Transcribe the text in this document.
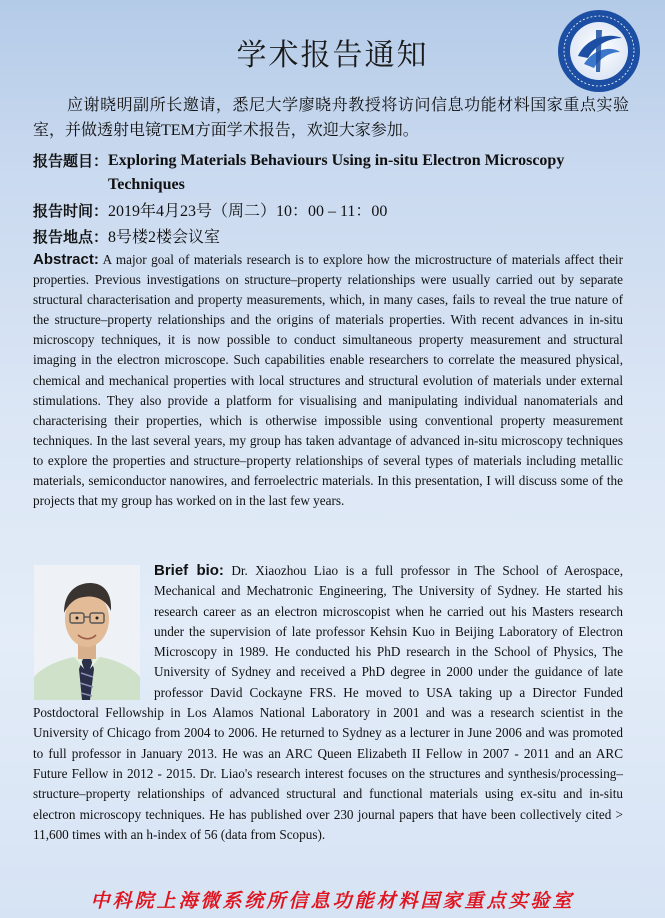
学术报告通知
应谢晓明副所长邀请，悉尼大学廖晓舟教授将访问信息功能材料国家重点实验室，并做透射电镜TEM方面学术报告，欢迎大家参加。
报告题目：Exploring Materials Behaviours Using in-situ Electron Microscopy Techniques
报告时间：2019年4月23号（周二）10：00 – 11：00
报告地点：8号楼2楼会议室
Abstract: A major goal of materials research is to explore how the microstructure of materials affect their properties. Previous investigations on structure–property relationships were usually carried out by separate structural characterisation and property measurements, which, in many cases, fails to reveal the true nature of the structure–property relationships and the origins of materials properties. With recent advances in in-situ microscopy techniques, it is now possible to conduct simultaneous property measurement and structural imaging in the electron microscope. Such capabilities enable researchers to correlate the measured physical, chemical and mechanical properties with local structures and structural evolution of materials under external stimulations. They also provide a platform for visualising and manipulating individual nanomaterials and characterising their properties, which is otherwise impossible using conventional property measurement techniques. In the last several years, my group has taken advantage of advanced in-situ microscopy techniques to explore the properties and structure–property relationships of several types of materials including metallic materials, semiconductor nanowires, and ferroelectric materials. In this presentation, I will discuss some of the projects that my group has worked on in the last few years.
Brief bio: Dr. Xiaozhou Liao is a full professor in The School of Aerospace, Mechanical and Mechatronic Engineering, The University of Sydney. He started his research career as an electron microscopist when he carried out his Masters research under the supervision of late professor Kehsin Kuo in Beijing Laboratory of Electron Microscopy in 1989. He conducted his PhD research in the School of Physics, The University of Sydney and received a PhD degree in 2000 under the guidance of late professor David Cockayne FRS. He moved to USA taking up a Director Funded Postdoctoral Fellowship in Los Alamos National Laboratory in 2001 and was a research scientist in the University of Chicago from 2004 to 2006. He returned to Sydney as a lecturer in June 2006 and was promoted to full professor in January 2013. He was an ARC Queen Elizabeth II Fellow in 2007 - 2011 and an ARC Future Fellow in 2012 - 2015. Dr. Liao's research interest focuses on the structures and synthesis/processing–structure–property relationships of advanced structural and functional materials using ex-situ and in-situ electron microscopy techniques. He has published over 230 journal papers that have been collectively cited > 11,600 times with an h-index of 56 (data from Scopus).
中科院上海微系统所信息功能材料国家重点实验室
